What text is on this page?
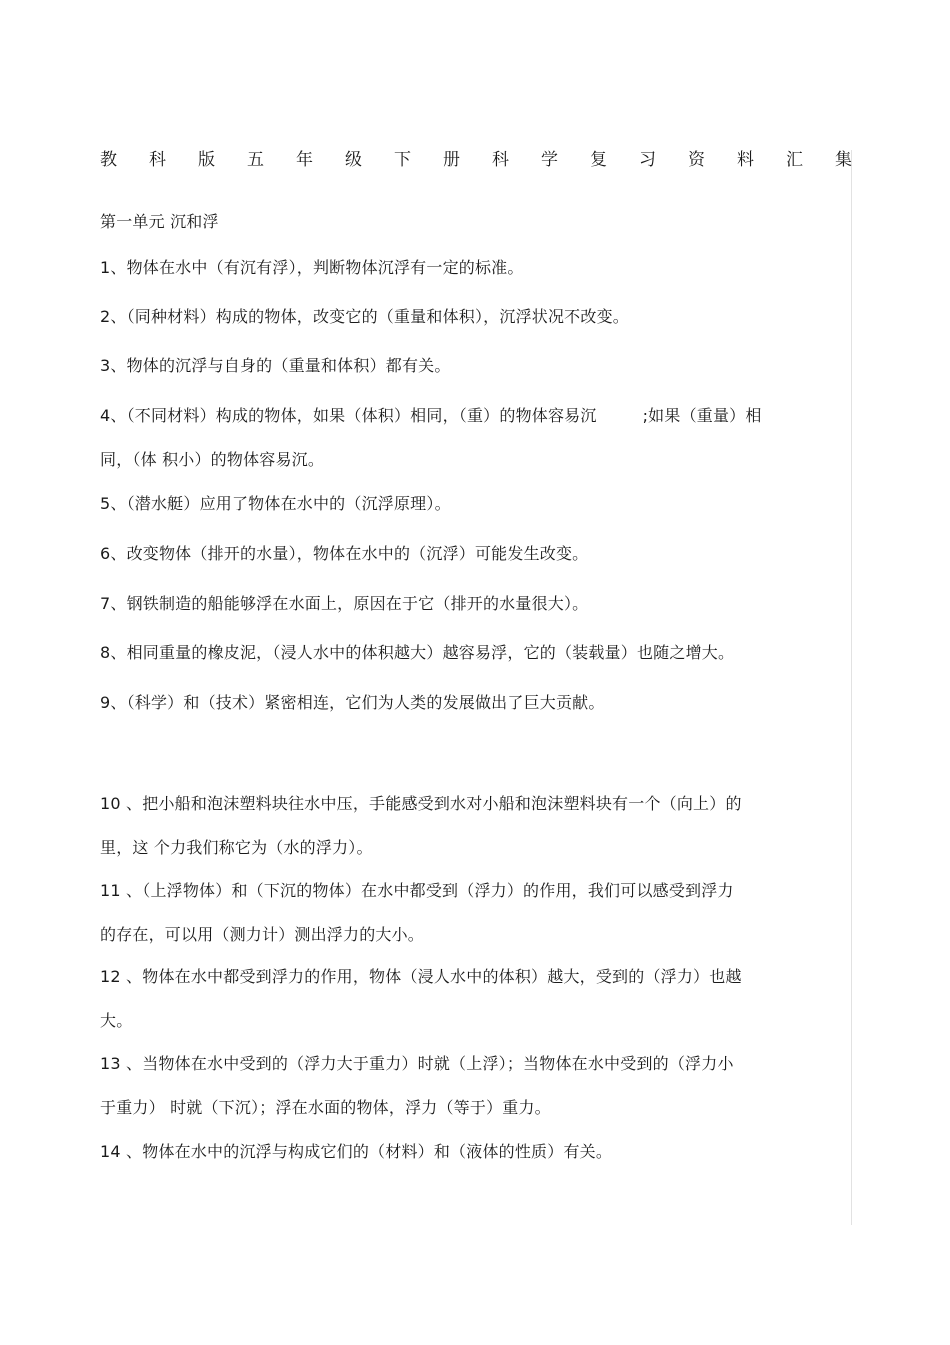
教 科 版 五 年 级 下 册 科 学 复 习 资 料 汇 集
第一单元 沉和浮
1、物体在水中（有沉有浮），判断物体沉浮有一定的标准。
2、（同种材料）构成的物体，改变它的（重量和体积），沉浮状况不改变。
3、物体的沉浮与自身的（重量和体积）都有关。
4、（不同材料）构成的物体，如果（体积）相同，（重）的物体容易沉	;如果（重量）相
同，（体 积小）的物体容易沉。
5、（潜水艇）应用了物体在水中的（沉浮原理）。
6、改变物体（排开的水量），物体在水中的（沉浮）可能发生改变。
7、钢铁制造的船能够浮在水面上，原因在于它（排开的水量很大）。
8、相同重量的橡皮泥，（浸人水中的体积越大）越容易浮，它的（装载量）也随之增大。
9、（科学）和（技术）紧密相连，它们为人类的发展做出了巨大贡献。
10 、把小船和泡沫塑料块往水中压，手能感受到水对小船和泡沫塑料块有一个（向上）的
里，这 个力我们称它为（水的浮力）。
11 、（上浮物体）和（下沉的物体）在水中都受到（浮力）的作用，我们可以感受到浮力
的存在，可以用（测力计）测出浮力的大小。
12 、物体在水中都受到浮力的作用，物体（浸人水中的体积）越大，受到的（浮力）也越
大。
13 、当物体在水中受到的（浮力大于重力）时就（上浮）；当物体在水中受到的（浮力小
于重力） 时就（下沉）；浮在水面的物体，浮力（等于）重力。
14 、物体在水中的沉浮与构成它们的（材料）和（液体的性质）有关。
